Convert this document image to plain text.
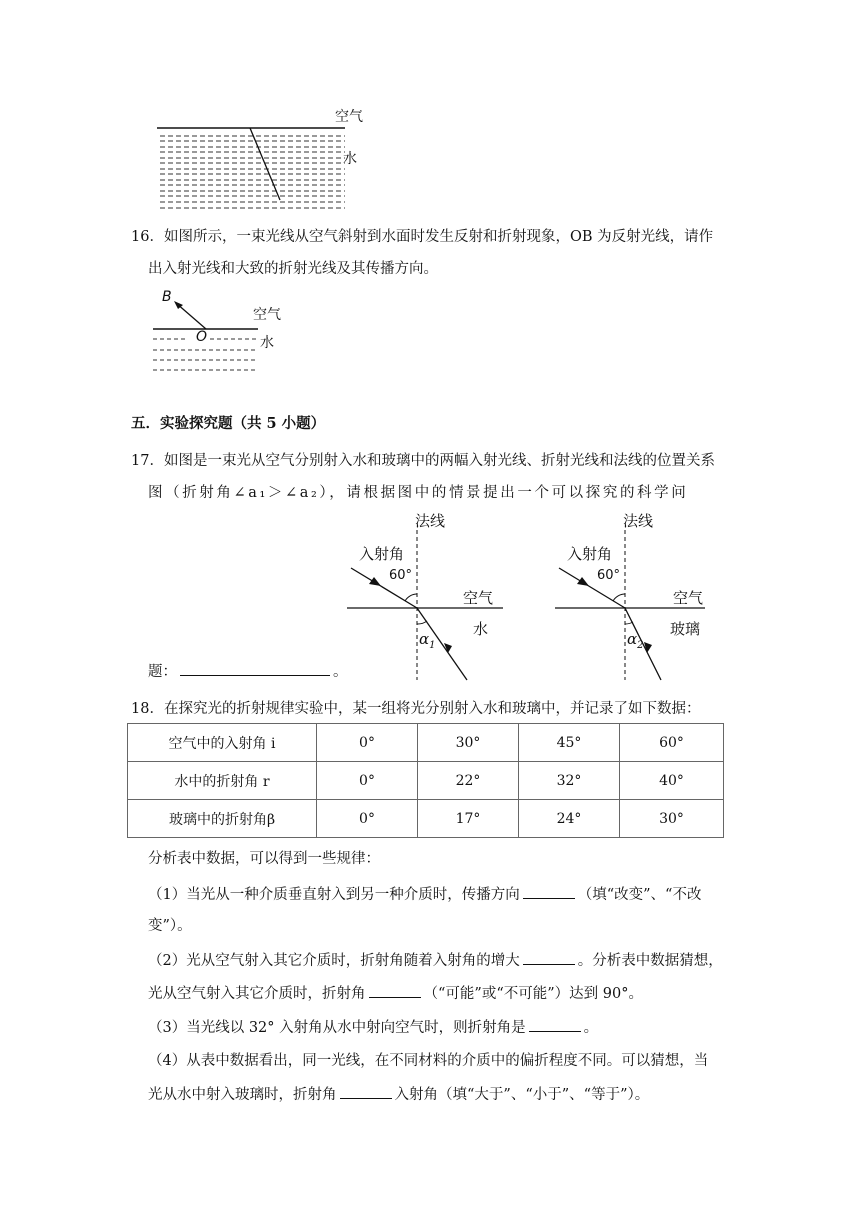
空气
水
16．如图所示，一束光线从空气斜射到水面时发生反射和折射现象，OB 为反射光线，请作
出入射光线和大致的折射光线及其传播方向。
B
O
空气
水
五．实验探究题（共 5 小题）
17．如图是一束光从空气分别射入水和玻璃中的两幅入射光线、折射光线和法线的位置关系
图（折射角∠a₁＞∠a₂），请根据图中的情景提出一个可以探究的科学问
题：	。
法线
入射角
60°
空气
水
$\alpha_1$
法线
入射角
60°
空气
玻璃
$\alpha_2$
18．在探究光的折射规律实验中，某一组将光分别射入水和玻璃中，并记录了如下数据：
空气中的入射角 i	0°	30°	45°	60°
水中的折射角 r	0°	22°	32°	40°
玻璃中的折射角β	0°	17°	24°	30°
分析表中数据，可以得到一些规律：
（1）当光从一种介质垂直射入到另一种介质时，传播方向	（填“改变”、“不改
变”）。
（2）光从空气射入其它介质时，折射角随着入射角的增大	。分析表中数据猜想，
光从空气射入其它介质时，折射角	（“可能”或“不可能”）达到 90°。
（3）当光线以 32° 入射角从水中射向空气时，则折射角是	。
（4）从表中数据看出，同一光线，在不同材料的介质中的偏折程度不同。可以猜想，当
光从水中射入玻璃时，折射角	入射角（填“大于”、“小于”、“等于”）。
